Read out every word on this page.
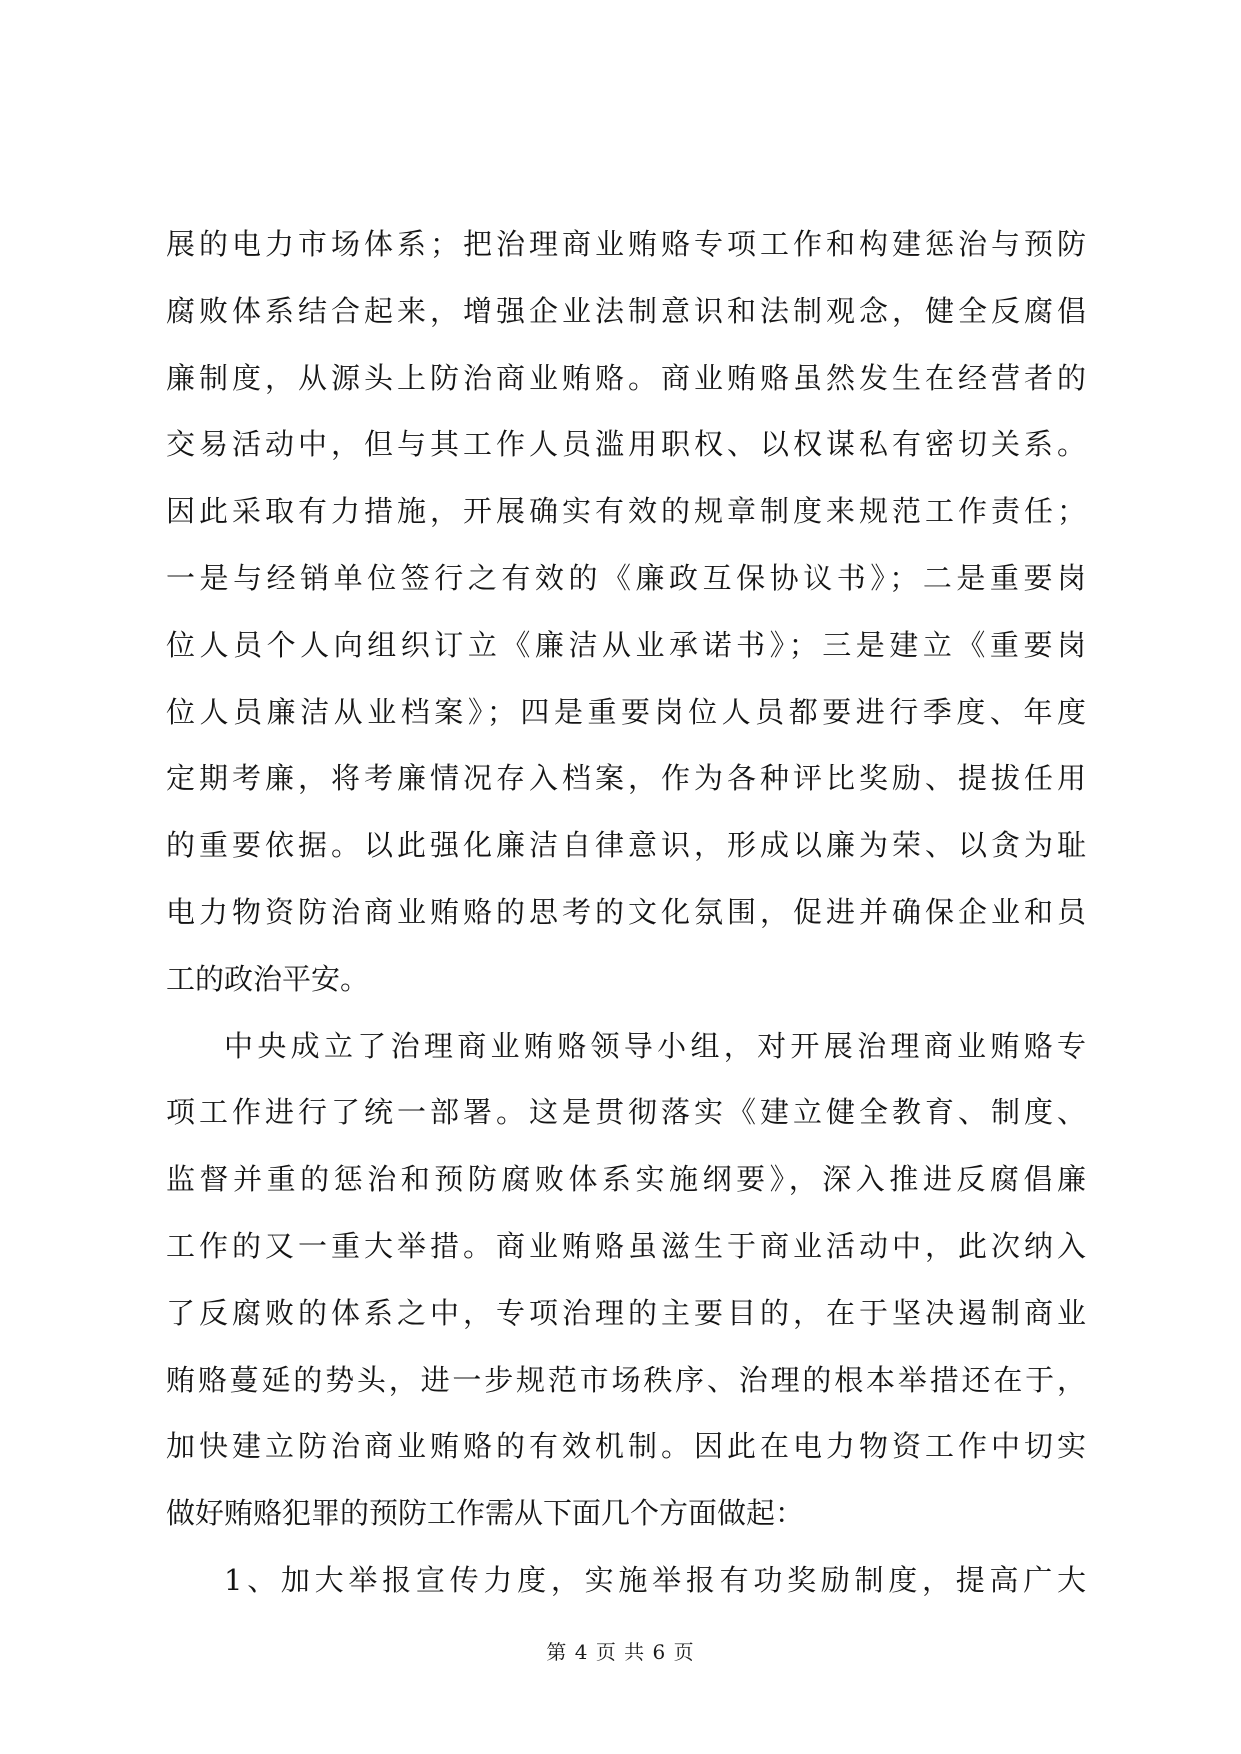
展的电力市场体系；把治理商业贿赂专项工作和构建惩治与预防
腐败体系结合起来，增强企业法制意识和法制观念，健全反腐倡
廉制度，从源头上防治商业贿赂。商业贿赂虽然发生在经营者的
交易活动中，但与其工作人员滥用职权、以权谋私有密切关系。
因此采取有力措施，开展确实有效的规章制度来规范工作责任；
一是与经销单位签行之有效的《廉政互保协议书》；二是重要岗
位人员个人向组织订立《廉洁从业承诺书》；三是建立《重要岗
位人员廉洁从业档案》；四是重要岗位人员都要进行季度、年度
定期考廉，将考廉情况存入档案，作为各种评比奖励、提拔任用
的重要依据。以此强化廉洁自律意识，形成以廉为荣、以贪为耻
电力物资防治商业贿赂的思考的文化氛围，促进并确保企业和员
工的政治平安。
中央成立了治理商业贿赂领导小组，对开展治理商业贿赂专
项工作进行了统一部署。这是贯彻落实《建立健全教育、制度、
监督并重的惩治和预防腐败体系实施纲要》，深入推进反腐倡廉
工作的又一重大举措。商业贿赂虽滋生于商业活动中，此次纳入
了反腐败的体系之中，专项治理的主要目的，在于坚决遏制商业
贿赂蔓延的势头，进一步规范市场秩序、治理的根本举措还在于，
加快建立防治商业贿赂的有效机制。因此在电力物资工作中切实
做好贿赂犯罪的预防工作需从下面几个方面做起：
1、加大举报宣传力度，实施举报有功奖励制度，提高广大
第 4 页 共 6 页
